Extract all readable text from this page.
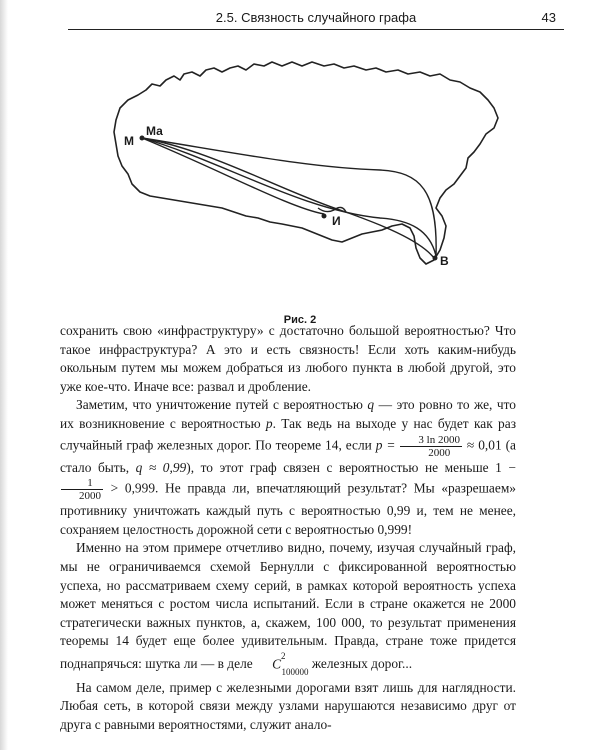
2.5. Связность случайного графа	43
М
Ма
И
В
Рис. 2

сохранить свою «инфраструктуру» с достаточно большой вероятностью? Что такое инфраструктура? А это и есть связность! Если хоть каким-нибудь окольным путем мы можем добраться из любого пункта в любой другой, это уже кое-что. Иначе все: развал и дробление.

Заметим, что уничтожение путей с вероятностью q — это ровно то же, что их возникновение с вероятностью p. Так ведь на выходе у нас будет как раз случайный граф железных дорог. По теореме 14, если $p = \frac{3 \ln 2000}{2000} \approx 0,01$ (а стало быть, q ≈ 0,99), то этот граф связен с вероятностью не меньше 1 −
$\frac{1}{2000} > 0,999$. Не правда ли, впечатляющий результат? Мы «разрешаем» противнику уничтожать каждый путь с вероятностью 0,99 и, тем не менее, сохраняем целостность дорожной сети с вероятностью 0,999!

Именно на этом примере отчетливо видно, почему, изучая случайный граф, мы не ограничиваемся схемой Бернулли с фиксированной вероятностью успеха, но рассматриваем схему серий, в рамках которой вероятность успеха может меняться с ростом числа испытаний. Если в стране окажется не 2000 стратегически важных пунктов, а, скажем, 100 000, то результат применения теоремы 14 будет еще более удивительным. Правда, стране тоже придется поднапрячься: шутка ли — в деле $C^2_{100000}$ железных дорог...

На самом деле, пример с железными дорогами взят лишь для наглядности. Любая сеть, в которой связи между узлами нарушаются независимо друг от друга с равными вероятностями, служит анало-
